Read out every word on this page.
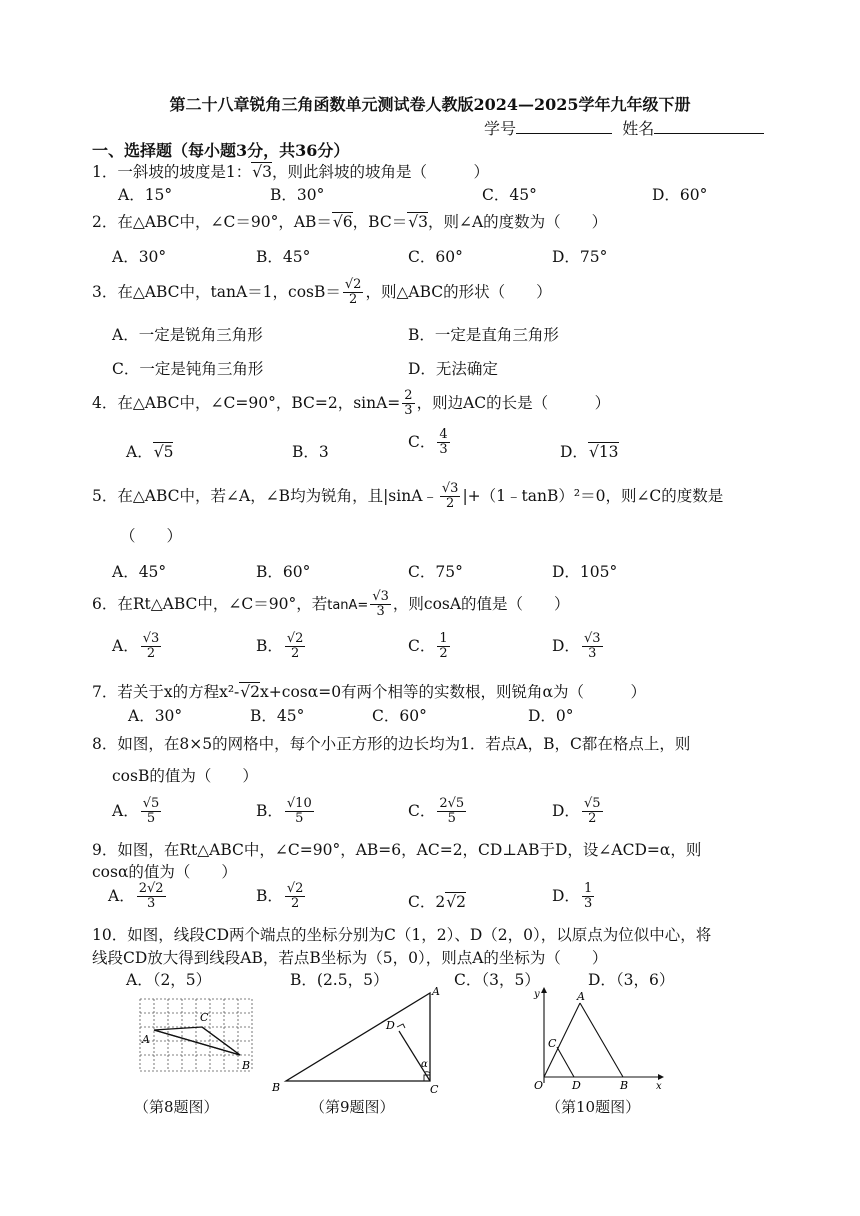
第二十八章锐角三角函数单元测试卷人教版2024—2025学年九年级下册
学号	姓名
一、选择题（每小题3分，共36分）
1．一斜坡的坡度是1：√3，则此斜坡的坡角是（　　　）
A．15°	B．30°	C．45°	D．60°
2．在△ABC中，∠C＝90°，AB＝√6，BC＝√3，则∠A的度数为（　　）
A．30°	B．45°	C．60°	D．75°
3．在△ABC中，tanA＝1，$\cos B= \frac{√2}{2}$ ，则△ABC的形状（　　）
A．一定是锐角三角形	B．一定是直角三角形
C．一定是钝角三角形	D．无法确定
4．在△ABC中，∠C=90°，BC=2，$\sin A= \frac{2}{3}$ ，则边AC的长是（　　　）
A．√5	B．3
C． $\frac{4}{3}$	D．√13
5．在△ABC中，若∠A，∠B均为锐角，且|sinA﹣ $\frac{√3}{2}$ |+（1﹣tanB）²＝0，则∠C的度数是
（　　）
A．45°	B．60°	C．75°	D．105°
6．在Rt△ABC中，∠C＝90°，若$\tan A= \frac{√3}{3}$ ，则cosA的值是（　　）
A． $\frac{√3}{2}$	B． $\frac{√2}{2}$	C． $\frac{1}{2}$	D． $\frac{√3}{3}$
7．若关于x的方程x²-√2x+cosα=0有两个相等的实数根，则锐角α为（　　　）
A．30°	B．45°	C．60°	D．0°
8．如图，在8×5的网格中，每个小正方形的边长均为1．若点A，B，C都在格点上，则
cosB的值为（　　）
A． $\frac{√5}{5}$	B． $\frac{√10}{5}$	C． $\frac{2√5}{5}$	D． $\frac{√5}{2}$
9．如图，在Rt△ABC中，∠C=90°，AB=6，AC=2，CD⊥AB于D，设∠ACD=α，则
cosα的值为（　　）
A． $\frac{2√2}{3}$	B． $\frac{√2}{2}$	C．2√2	D． $\frac{1}{3}$
10．如图，线段CD两个端点的坐标分别为C（1，2）、D（2，0），以原点为位似中心，将
线段CD放大得到线段AB，若点B坐标为（5，0），则点A的坐标为（　　）
A．（2，5）	B．(2.5，5）	C．（3，5）	D．（3，6）
A
B
C
（第8题图）
A
B	C
D
α
（第9题图）
O
A
B
C
D	x
y
（第10题图）
